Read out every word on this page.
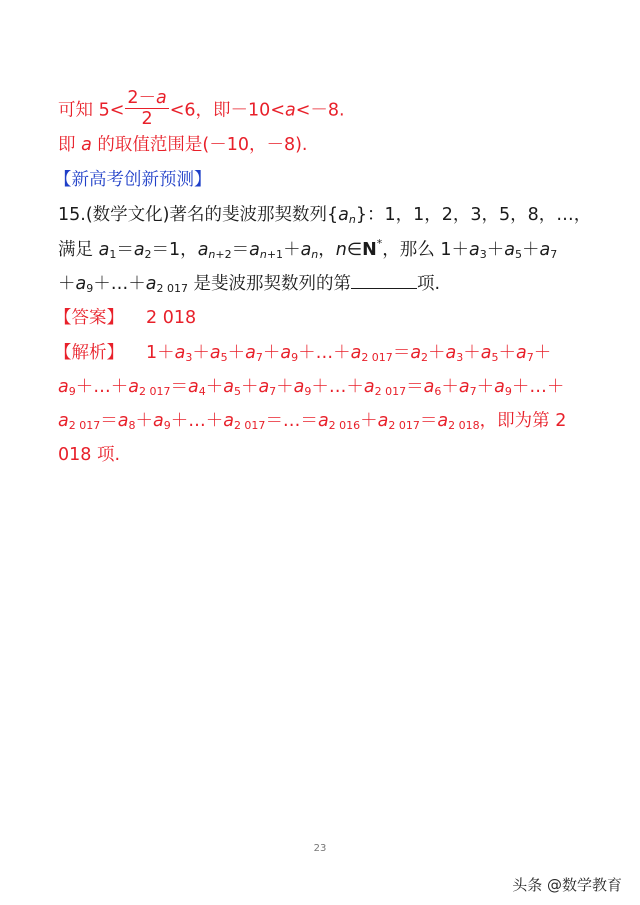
可知 $5< \frac{2-a}{2} <6$，即－10<a<－8.
即 a 的取值范围是(－10，－8).
【新高考创新预测】
15.(数学文化)著名的斐波那契数列$\{a_n\}$：1，1，2，3，5，8，…，
满足 $a_1=a_2=1$，$a_{n+2}=a_{n+1}+a_n$，n∈N*，那么 $1+a_3+a_5+a_7$
$+a_9+\dots+a_{2 017}$ 是斐波那契数列的第	项.
【答案】 2 018
【解析】 $1+a_3+a_5+a_7+a_9+\dots+a_{2 017}=a_2+a_3+a_5+a_7+$
$a_9+\dots+a_{2 017}=a_4+a_5+a_7+a_9+\dots+a_{2 017}=a_6+a_7+a_9+\dots+$
$a_{2 017}=a_8+a_9+\dots+a_{2 017}=\dots=a_{2 016}+a_{2 017}=a_{2 018}$，即为第 2
018 项.
23
头条 @数学教育
